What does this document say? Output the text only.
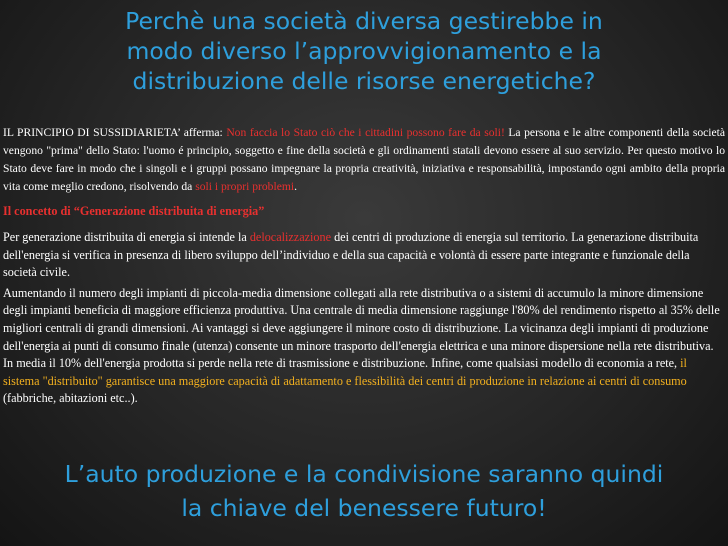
Perchè una società diversa gestirebbe in
modo diverso l’approvvigionamento e la
distribuzione delle risorse energetiche?

IL PRINCIPIO DI SUSSIDIARIETA’ afferma: Non faccia lo Stato ciò che i cittadini possono fare da soli! La persona e le altre componenti della società vengono "prima" dello Stato: l'uomo é principio, soggetto e fine della società e gli ordinamenti statali devono essere al suo servizio. Per questo motivo lo Stato deve fare in modo che i singoli e i gruppi possano impegnare la propria creatività, iniziativa e responsabilità, impostando ogni ambito della propria vita come meglio credono, risolvendo da soli i propri problemi.

Il concetto di “Generazione distribuita di energia”

Per generazione distribuita di energia si intende la delocalizzazione dei centri di produzione di energia sul territorio. La generazione distribuita dell'energia si verifica in presenza di libero sviluppo dell’individuo e della sua capacità e volontà di essere parte integrante e funzionale della società civile.

Aumentando il numero degli impianti di piccola-media dimensione collegati alla rete distributiva o a sistemi di accumulo la minore dimensione degli impianti beneficia di maggiore efficienza produttiva. Una centrale di media dimensione raggiunge l'80% del rendimento rispetto al 35% delle migliori centrali di grandi dimensioni. Ai vantaggi si deve aggiungere il minore costo di distribuzione. La vicinanza degli impianti di produzione dell'energia ai punti di consumo finale (utenza) consente un minore trasporto dell'energia elettrica e una minore dispersione nella rete distributiva. In media il 10% dell'energia prodotta si perde nella rete di trasmissione e distribuzione. Infine, come qualsiasi modello di economia a rete, il sistema "distribuito" garantisce una maggiore capacità di adattamento e flessibilità dei centri di produzione in relazione ai centri di consumo (fabbriche, abitazioni etc..).

L’auto produzione e la condivisione saranno quindi
la chiave del benessere futuro!
